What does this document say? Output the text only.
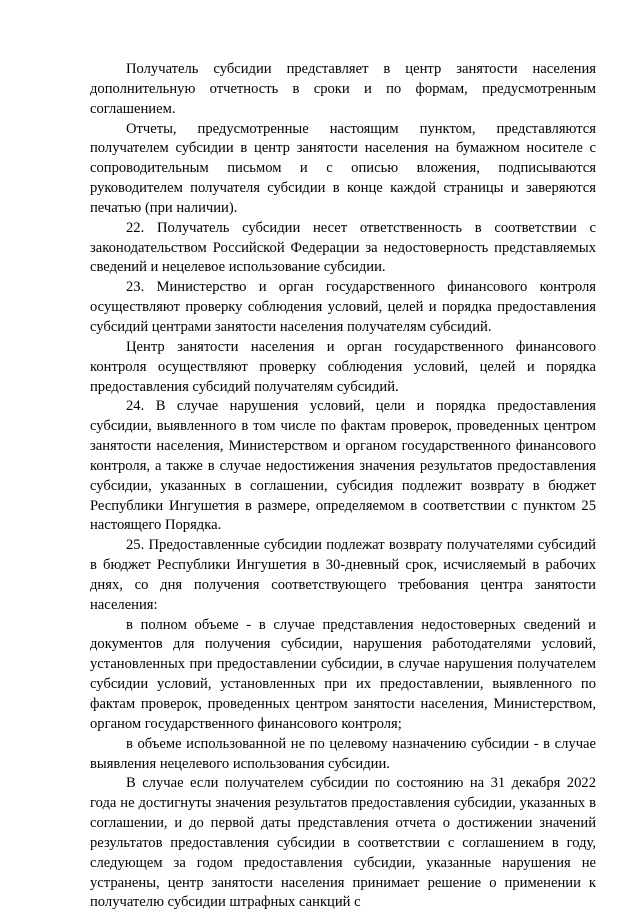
Получатель субсидии представляет в центр занятости населения дополнительную отчетность в сроки и по формам, предусмотренным соглашением.

Отчеты, предусмотренные настоящим пунктом, представляются получателем субсидии в центр занятости населения на бумажном носителе с сопроводительным письмом и с описью вложения, подписываются руководителем получателя субсидии в конце каждой страницы и заверяются печатью (при наличии).

22. Получатель субсидии несет ответственность в соответствии с законодательством Российской Федерации за недостоверность представляемых сведений и нецелевое использование субсидии.

23. Министерство и орган государственного финансового контроля осуществляют проверку соблюдения условий, целей и порядка предоставления субсидий центрами занятости населения получателям субсидий.

Центр занятости населения и орган государственного финансового контроля осуществляют проверку соблюдения условий, целей и порядка предоставления субсидий получателям субсидий.

24. В случае нарушения условий, цели и порядка предоставления субсидии, выявленного в том числе по фактам проверок, проведенных центром занятости населения, Министерством и органом государственного финансового контроля, а также в случае недостижения значения результатов предоставления субсидии, указанных в соглашении, субсидия подлежит возврату в бюджет Республики Ингушетия в размере, определяемом в соответствии с пунктом 25 настоящего Порядка.

25. Предоставленные субсидии подлежат возврату получателями субсидий в бюджет Республики Ингушетия в 30-дневный срок, исчисляемый в рабочих днях, со дня получения соответствующего требования центра занятости населения:

в полном объеме - в случае представления недостоверных сведений и документов для получения субсидии, нарушения работодателями условий, установленных при предоставлении субсидии, в случае нарушения получателем субсидии условий, установленных при их предоставлении, выявленного по фактам проверок, проведенных центром занятости населения, Министерством, органом государственного финансового контроля;

в объеме использованной не по целевому назначению субсидии - в случае выявления нецелевого использования субсидии.

В случае если получателем субсидии по состоянию на 31 декабря 2022 года не достигнуты значения результатов предоставления субсидии, указанных в соглашении, и до первой даты представления отчета о достижении значений результатов предоставления субсидии в соответствии с соглашением в году, следующем за годом предоставления субсидии, указанные нарушения не устранены, центр занятости населения принимает решение о применении к получателю субсидии штрафных санкций с
